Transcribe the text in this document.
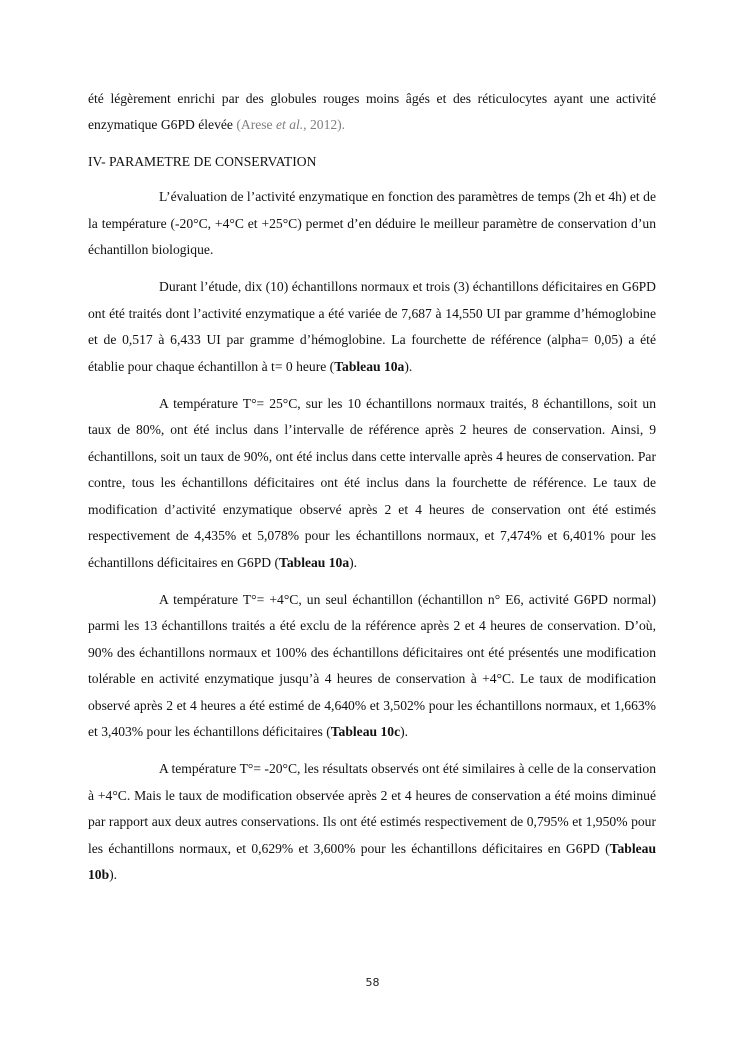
été légèrement enrichi par des globules rouges moins âgés et des réticulocytes ayant une activité enzymatique G6PD élevée (Arese et al., 2012).

IV- PARAMETRE DE CONSERVATION

L’évaluation de l’activité enzymatique en fonction des paramètres de temps (2h et 4h) et de la température (-20°C, +4°C et +25°C) permet d’en déduire le meilleur paramètre de conservation d’un échantillon biologique.

Durant l’étude, dix (10) échantillons normaux et trois (3) échantillons déficitaires en G6PD ont été traités dont l’activité enzymatique a été variée de 7,687 à 14,550 UI par gramme d’hémoglobine et de 0,517 à 6,433 UI par gramme d’hémoglobine. La fourchette de référence (alpha= 0,05) a été établie pour chaque échantillon à t= 0 heure (Tableau 10a).

A température T°= 25°C, sur les 10 échantillons normaux traités, 8 échantillons, soit un taux de 80%, ont été inclus dans l’intervalle de référence après 2 heures de conservation. Ainsi, 9 échantillons, soit un taux de 90%, ont été inclus dans cette intervalle après 4 heures de conservation. Par contre, tous les échantillons déficitaires ont été inclus dans la fourchette de référence. Le taux de modification d’activité enzymatique observé après 2 et 4 heures de conservation ont été estimés respectivement de 4,435% et 5,078% pour les échantillons normaux, et 7,474% et 6,401% pour les échantillons déficitaires en G6PD (Tableau 10a).

A température T°= +4°C, un seul échantillon (échantillon n° E6, activité G6PD normal) parmi les 13 échantillons traités a été exclu de la référence après 2 et 4 heures de conservation. D’où, 90% des échantillons normaux et 100% des échantillons déficitaires ont été présentés une modification tolérable en activité enzymatique jusqu’à 4 heures de conservation à +4°C. Le taux de modification observé après 2 et 4 heures a été estimé de 4,640% et 3,502% pour les échantillons normaux, et 1,663% et 3,403% pour les échantillons déficitaires (Tableau 10c).

A température T°= -20°C, les résultats observés ont été similaires à celle de la conservation à +4°C. Mais le taux de modification observée après 2 et 4 heures de conservation a été moins diminué par rapport aux deux autres conservations. Ils ont été estimés respectivement de 0,795% et 1,950% pour les échantillons normaux, et 0,629% et 3,600% pour les échantillons déficitaires en G6PD (Tableau 10b).

58
